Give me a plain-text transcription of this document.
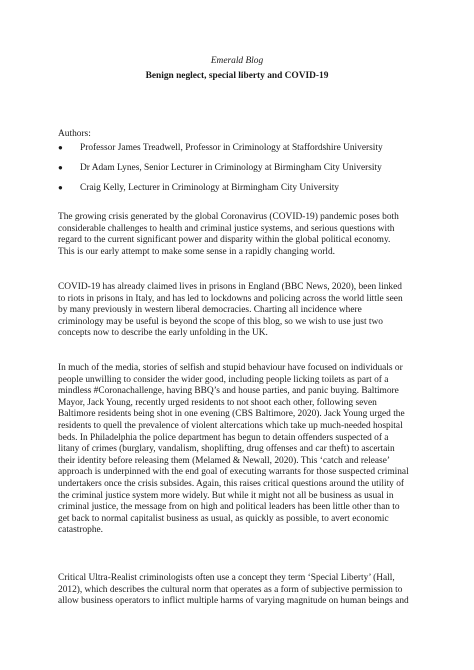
Emerald Blog
Benign neglect, special liberty and COVID-19
Authors:
● Professor James Treadwell, Professor in Criminology at Staffordshire University
● Dr Adam Lynes, Senior Lecturer in Criminology at Birmingham City University
● Craig Kelly, Lecturer in Criminology at Birmingham City University
The growing crisis generated by the global Coronavirus (COVID-19) pandemic poses both
considerable challenges to health and criminal justice systems, and serious questions with
regard to the current significant power and disparity within the global political economy.
This is our early attempt to make some sense in a rapidly changing world.
COVID-19 has already claimed lives in prisons in England (BBC News, 2020), been linked
to riots in prisons in Italy, and has led to lockdowns and policing across the world little seen
by many previously in western liberal democracies. Charting all incidence where
criminology may be useful is beyond the scope of this blog, so we wish to use just two
concepts now to describe the early unfolding in the UK.
In much of the media, stories of selfish and stupid behaviour have focused on individuals or
people unwilling to consider the wider good, including people licking toilets as part of a
mindless #Coronachallenge, having BBQ’s and house parties, and panic buying. Baltimore
Mayor, Jack Young, recently urged residents to not shoot each other, following seven
Baltimore residents being shot in one evening (CBS Baltimore, 2020). Jack Young urged the
residents to quell the prevalence of violent altercations which take up much-needed hospital
beds. In Philadelphia the police department has begun to detain offenders suspected of a
litany of crimes (burglary, vandalism, shoplifting, drug offenses and car theft) to ascertain
their identity before releasing them (Melamed & Newall, 2020). This ‘catch and release’
approach is underpinned with the end goal of executing warrants for those suspected criminal
undertakers once the crisis subsides. Again, this raises critical questions around the utility of
the criminal justice system more widely. But while it might not all be business as usual in
criminal justice, the message from on high and political leaders has been little other than to
get back to normal capitalist business as usual, as quickly as possible, to avert economic
catastrophe.
Critical Ultra-Realist criminologists often use a concept they term ‘Special Liberty’ (Hall,
2012), which describes the cultural norm that operates as a form of subjective permission to
allow business operators to inflict multiple harms of varying magnitude on human beings and
